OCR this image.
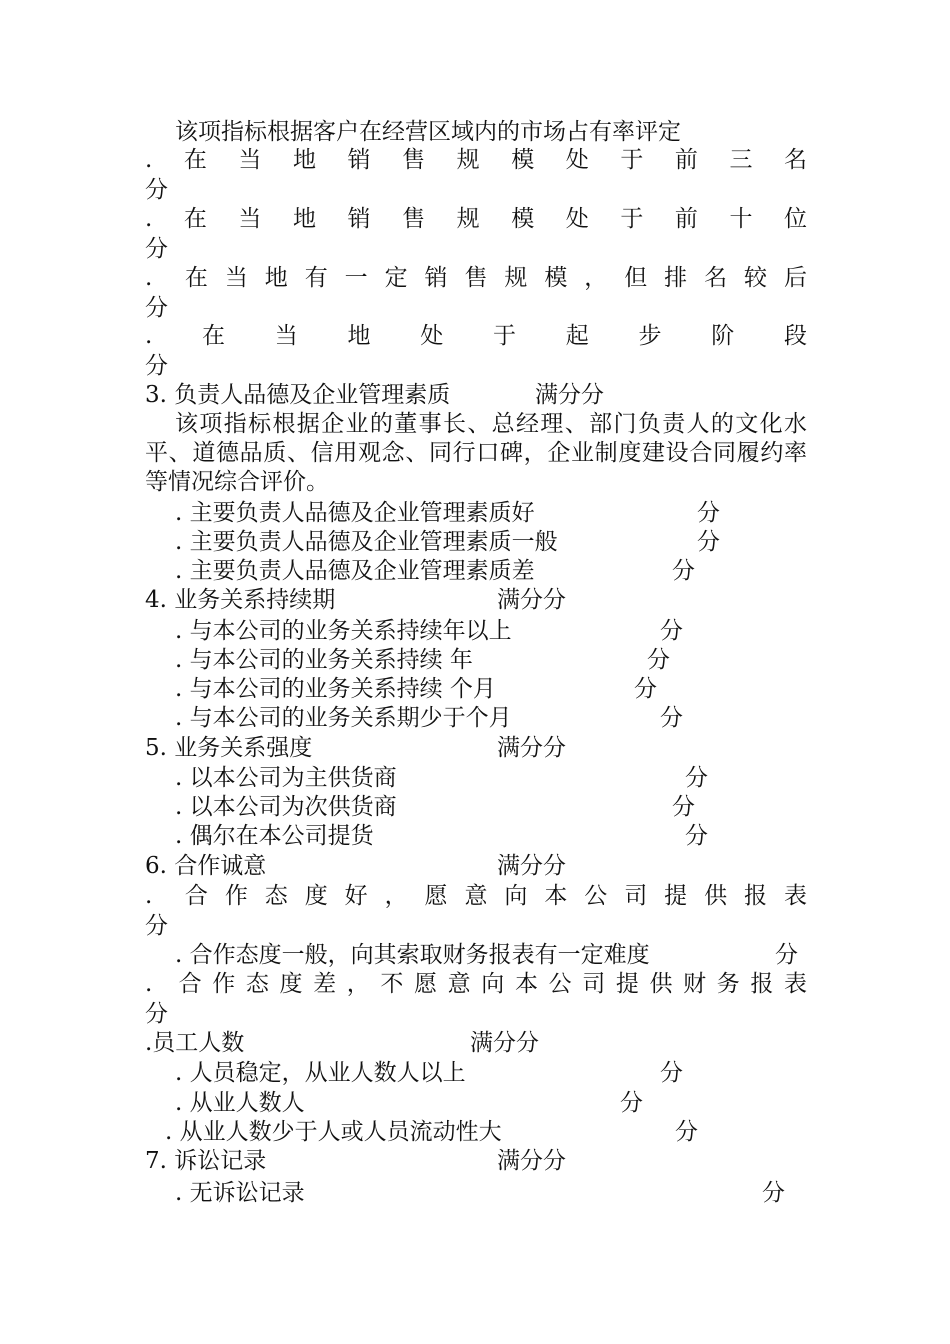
该项指标根据客户在经营区域内的市场占有率评定
.　在　当　地　销　售　规　模　处　于　前　三　名
分
.　在　当　地　销　售　规　模　处　于　前　十　位
分
.　在 当 地 有 一 定 销 售 规 模 ， 但 排 名 较 后
分
.　　在　　当　　地　　处　　于　　起　　步　　阶　　段
分
3. 负责人品德及企业管理素质	满分分
该项指标根据企业的董事长、总经理、部门负责人的文化水平、道德品质、信用观念、同行口碑，企业制度建设合同履约率等情况综合评价。
. 主要负责人品德及企业管理素质好	分
. 主要负责人品德及企业管理素质一般	分
. 主要负责人品德及企业管理素质差	分
4. 业务关系持续期	满分分
. 与本公司的业务关系持续年以上	分
. 与本公司的业务关系持续 年	分
. 与本公司的业务关系持续 个月	分
. 与本公司的业务关系期少于个月	分
5. 业务关系强度	满分分
. 以本公司为主供货商	分
. 以本公司为次供货商	分
. 偶尔在本公司提货	分
6. 合作诚意	满分分
.　合 作 态 度 好 ， 愿 意 向 本 公 司 提 供 报 表
分
. 合作态度一般，向其索取财务报表有一定难度	分
.　合 作 态 度 差 ， 不 愿 意 向 本 公 司 提 供 财 务 报 表
分
.员工人数	满分分
. 人员稳定，从业人数人以上	分
. 从业人数人	分
. 从业人数少于人或人员流动性大	分
7. 诉讼记录	满分分
. 无诉讼记录	分
